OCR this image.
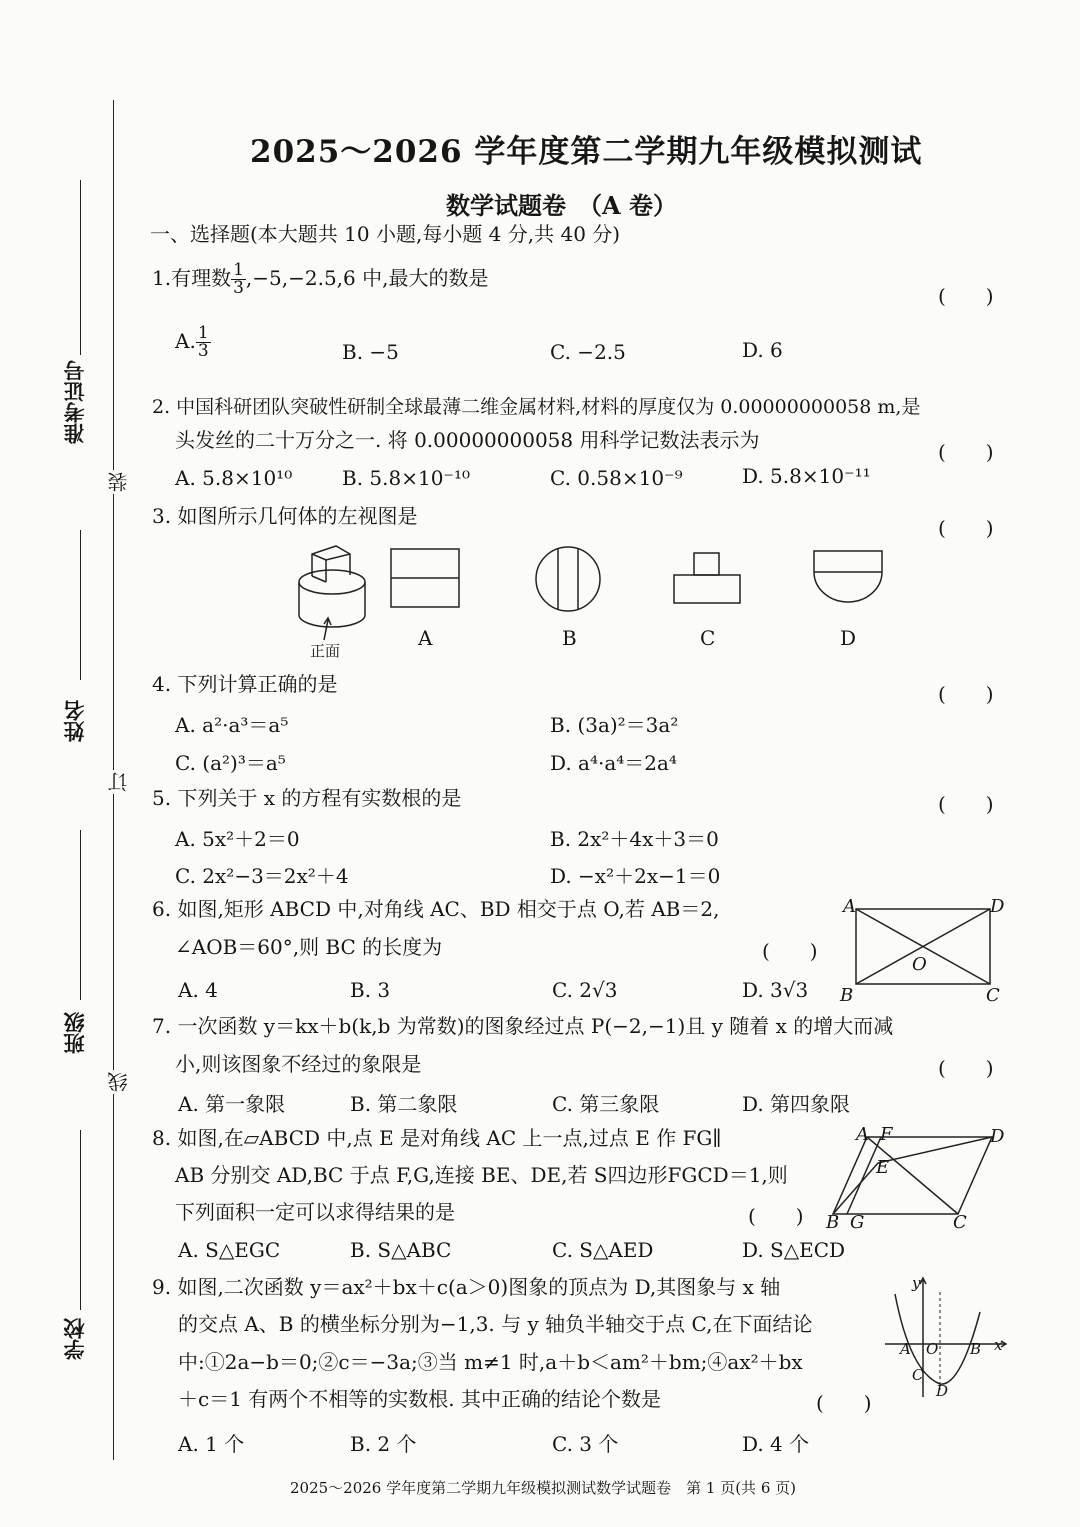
准考证号
姓名
班级
学校
装
订
线
2025～2026 学年度第二学期九年级模拟测试
数学试题卷　（A 卷）
一、选择题(本大题共 10 小题,每小题 4 分,共 40 分)
1.有理数 $\frac{1}{3} ,-5,-2.5,6$ 中,最大的数是
(　　)
A. $\frac{1}{3}$	B. −5	C. −2.5	D. 6
2. 中国科研团队突破性研制全球最薄二维金属材料,材料的厚度仅为 0.00000000058 m,是
头发丝的二十万分之一. 将 0.00000000058 用科学记数法表示为	(　　)
A. 5.8×10¹⁰ B. 5.8×10⁻¹⁰	C. 0.58×10⁻⁹	D. 5.8×10⁻¹¹
3. 如图所示几何体的左视图是	(　　)
正面
A	B	C	D
4. 下列计算正确的是	(　　)
A. a²·a³＝a⁵	B. (3a)²＝3a²
C. (a²)³＝a⁵	D. a⁴·a⁴＝2a⁴
5. 下列关于 x 的方程有实数根的是	(　　)
A. 5x²＋2＝0	B. 2x²＋4x＋3＝0
C. 2x²−3＝2x²＋4	D. −x²＋2x−1＝0
6. 如图,矩形 ABCD 中,对角线 AC、BD 相交于点 O,若 AB＝2,
∠AOB＝60°,则 BC 的长度为	(　　)
A. 4	B. 3	C. 2√3	D. 3√3
A	D
B	C
O
7. 一次函数 y＝kx＋b(k,b 为常数)的图象经过点 P(−2,−1)且 y 随着 x 的增大而减
小,则该图象不经过的象限是	(　　)
A. 第一象限	B. 第二象限	C. 第三象限	D. 第四象限
8. 如图,在▱ABCD 中,点 E 是对角线 AC 上一点,过点 E 作 FG∥
AB 分别交 AD,BC 于点 F,G,连接 BE、DE,若 S四边形FGCD＝1,则
下列面积一定可以求得结果的是	(　　)
A. S△EGC	B. S△ABC	C. S△AED	D. S△ECD
A F	D
E
B G	C
9. 如图,二次函数 y＝ax²＋bx＋c(a＞0)图象的顶点为 D,其图象与 x 轴
的交点 A、B 的横坐标分别为−1,3. 与 y 轴负半轴交于点 C,在下面结论
中:①2a−b＝0;②c＝−3a;③当 m≠1 时,a＋b＜am²＋bm;④ax²＋bx
＋c＝1 有两个不相等的实数根. 其中正确的结论个数是	(　　)
A. 1 个	B. 2 个	C. 3 个	D. 4 个
y
x
A O B
C
D
2025～2026 学年度第二学期九年级模拟测试数学试题卷　第 1 页(共 6 页)
